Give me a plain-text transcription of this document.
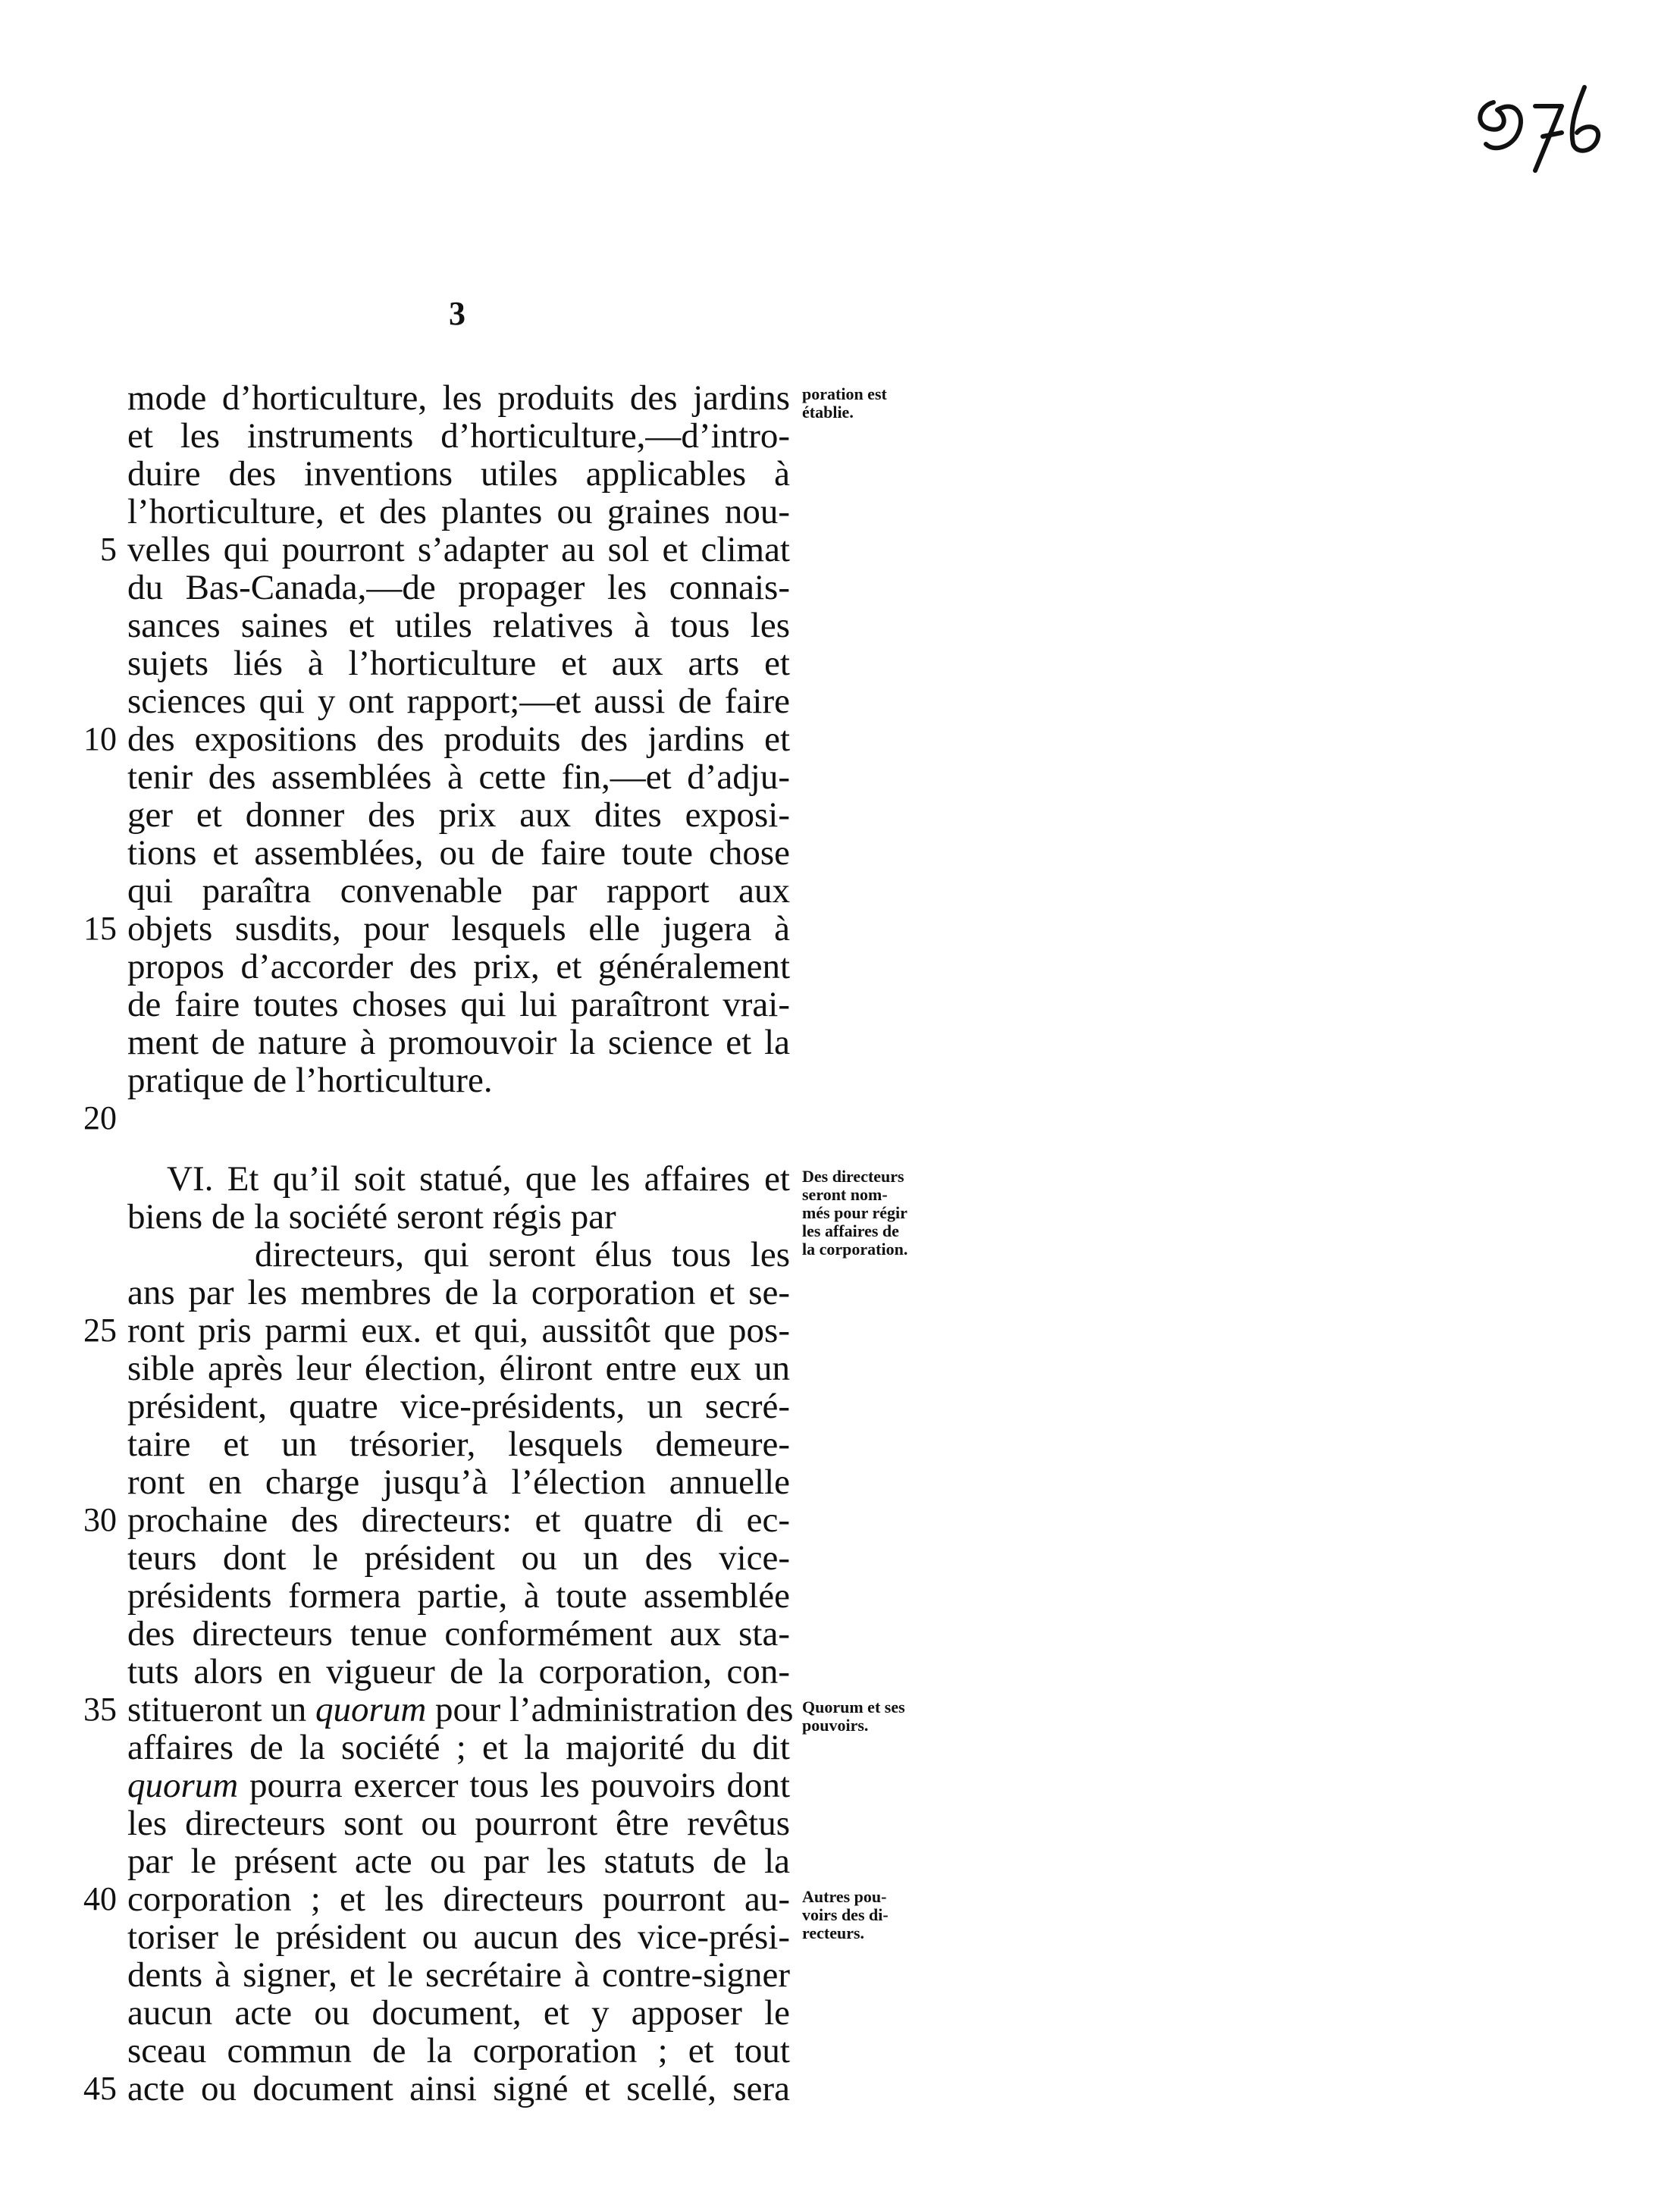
3
mode d’horticulture, les produits des jardins
et les instruments d’horticulture,—d’intro-
duire des inventions utiles applicables à
l’horticulture, et des plantes ou graines nou-
velles qui pourront s’adapter au sol et climat
du Bas-Canada,—de propager les connais-
sances saines et utiles relatives à tous les
sujets liés à l’horticulture et aux arts et
sciences qui y ont rapport;—et aussi de faire
des expositions des produits des jardins et
tenir des assemblées à cette fin,—et d’adju-
ger et donner des prix aux dites exposi-
tions et assemblées, ou de faire toute chose
qui paraîtra convenable par rapport aux
objets susdits, pour lesquels elle jugera à
propos d’accorder des prix, et généralement
de faire toutes choses qui lui paraîtront vrai-
ment de nature à promouvoir la science et la
pratique de l’horticulture.
VI. Et qu’il soit statué, que les affaires et
biens de la société seront régis par
directeurs, qui seront élus tous les
ans par les membres de la corporation et se-
ront pris parmi eux. et qui, aussitôt que pos-
sible après leur élection, éliront entre eux un
président, quatre vice-présidents, un secré-
taire et un trésorier, lesquels demeure-
ront en charge jusqu’à l’élection annuelle
prochaine des directeurs: et quatre di ec-
teurs dont le président ou un des vice-
présidents formera partie, à toute assemblée
des directeurs tenue conformément aux sta-
tuts alors en vigueur de la corporation, con-
stitueront un quorum pour l’administration des
affaires de la société ; et la majorité du dit
quorum pourra exercer tous les pouvoirs dont
les directeurs sont ou pourront être revêtus
par le présent acte ou par les statuts de la
corporation ; et les directeurs pourront au-
toriser le président ou aucun des vice-prési-
dents à signer, et le secrétaire à contre-signer
aucun acte ou document, et y apposer le
sceau commun de la corporation ; et tout
acte ou document ainsi signé et scellé, sera
5
10
15
20
25
30
35
40
45
poration est
établie.
Des directeurs
seront nom-
més pour régir
les affaires de
la corporation.
Quorum et ses
pouvoirs.
Autres pou-
voirs des di-
recteurs.
